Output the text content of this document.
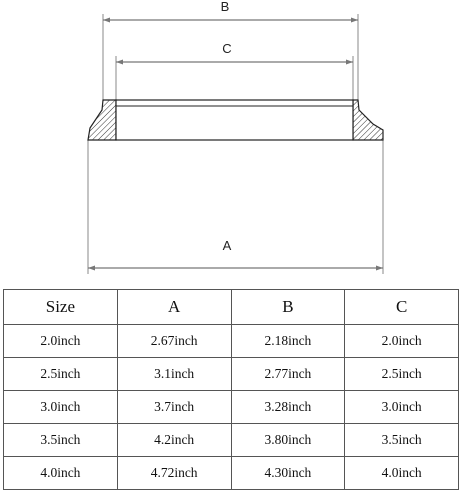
B
C
A
Size	A	B	C
2.0inch	2.67inch	2.18inch	2.0inch
2.5inch	3.1inch	2.77inch	2.5inch
3.0inch	3.7inch	3.28inch	3.0inch
3.5inch	4.2inch	3.80inch	3.5inch
4.0inch	4.72inch	4.30inch	4.0inch
